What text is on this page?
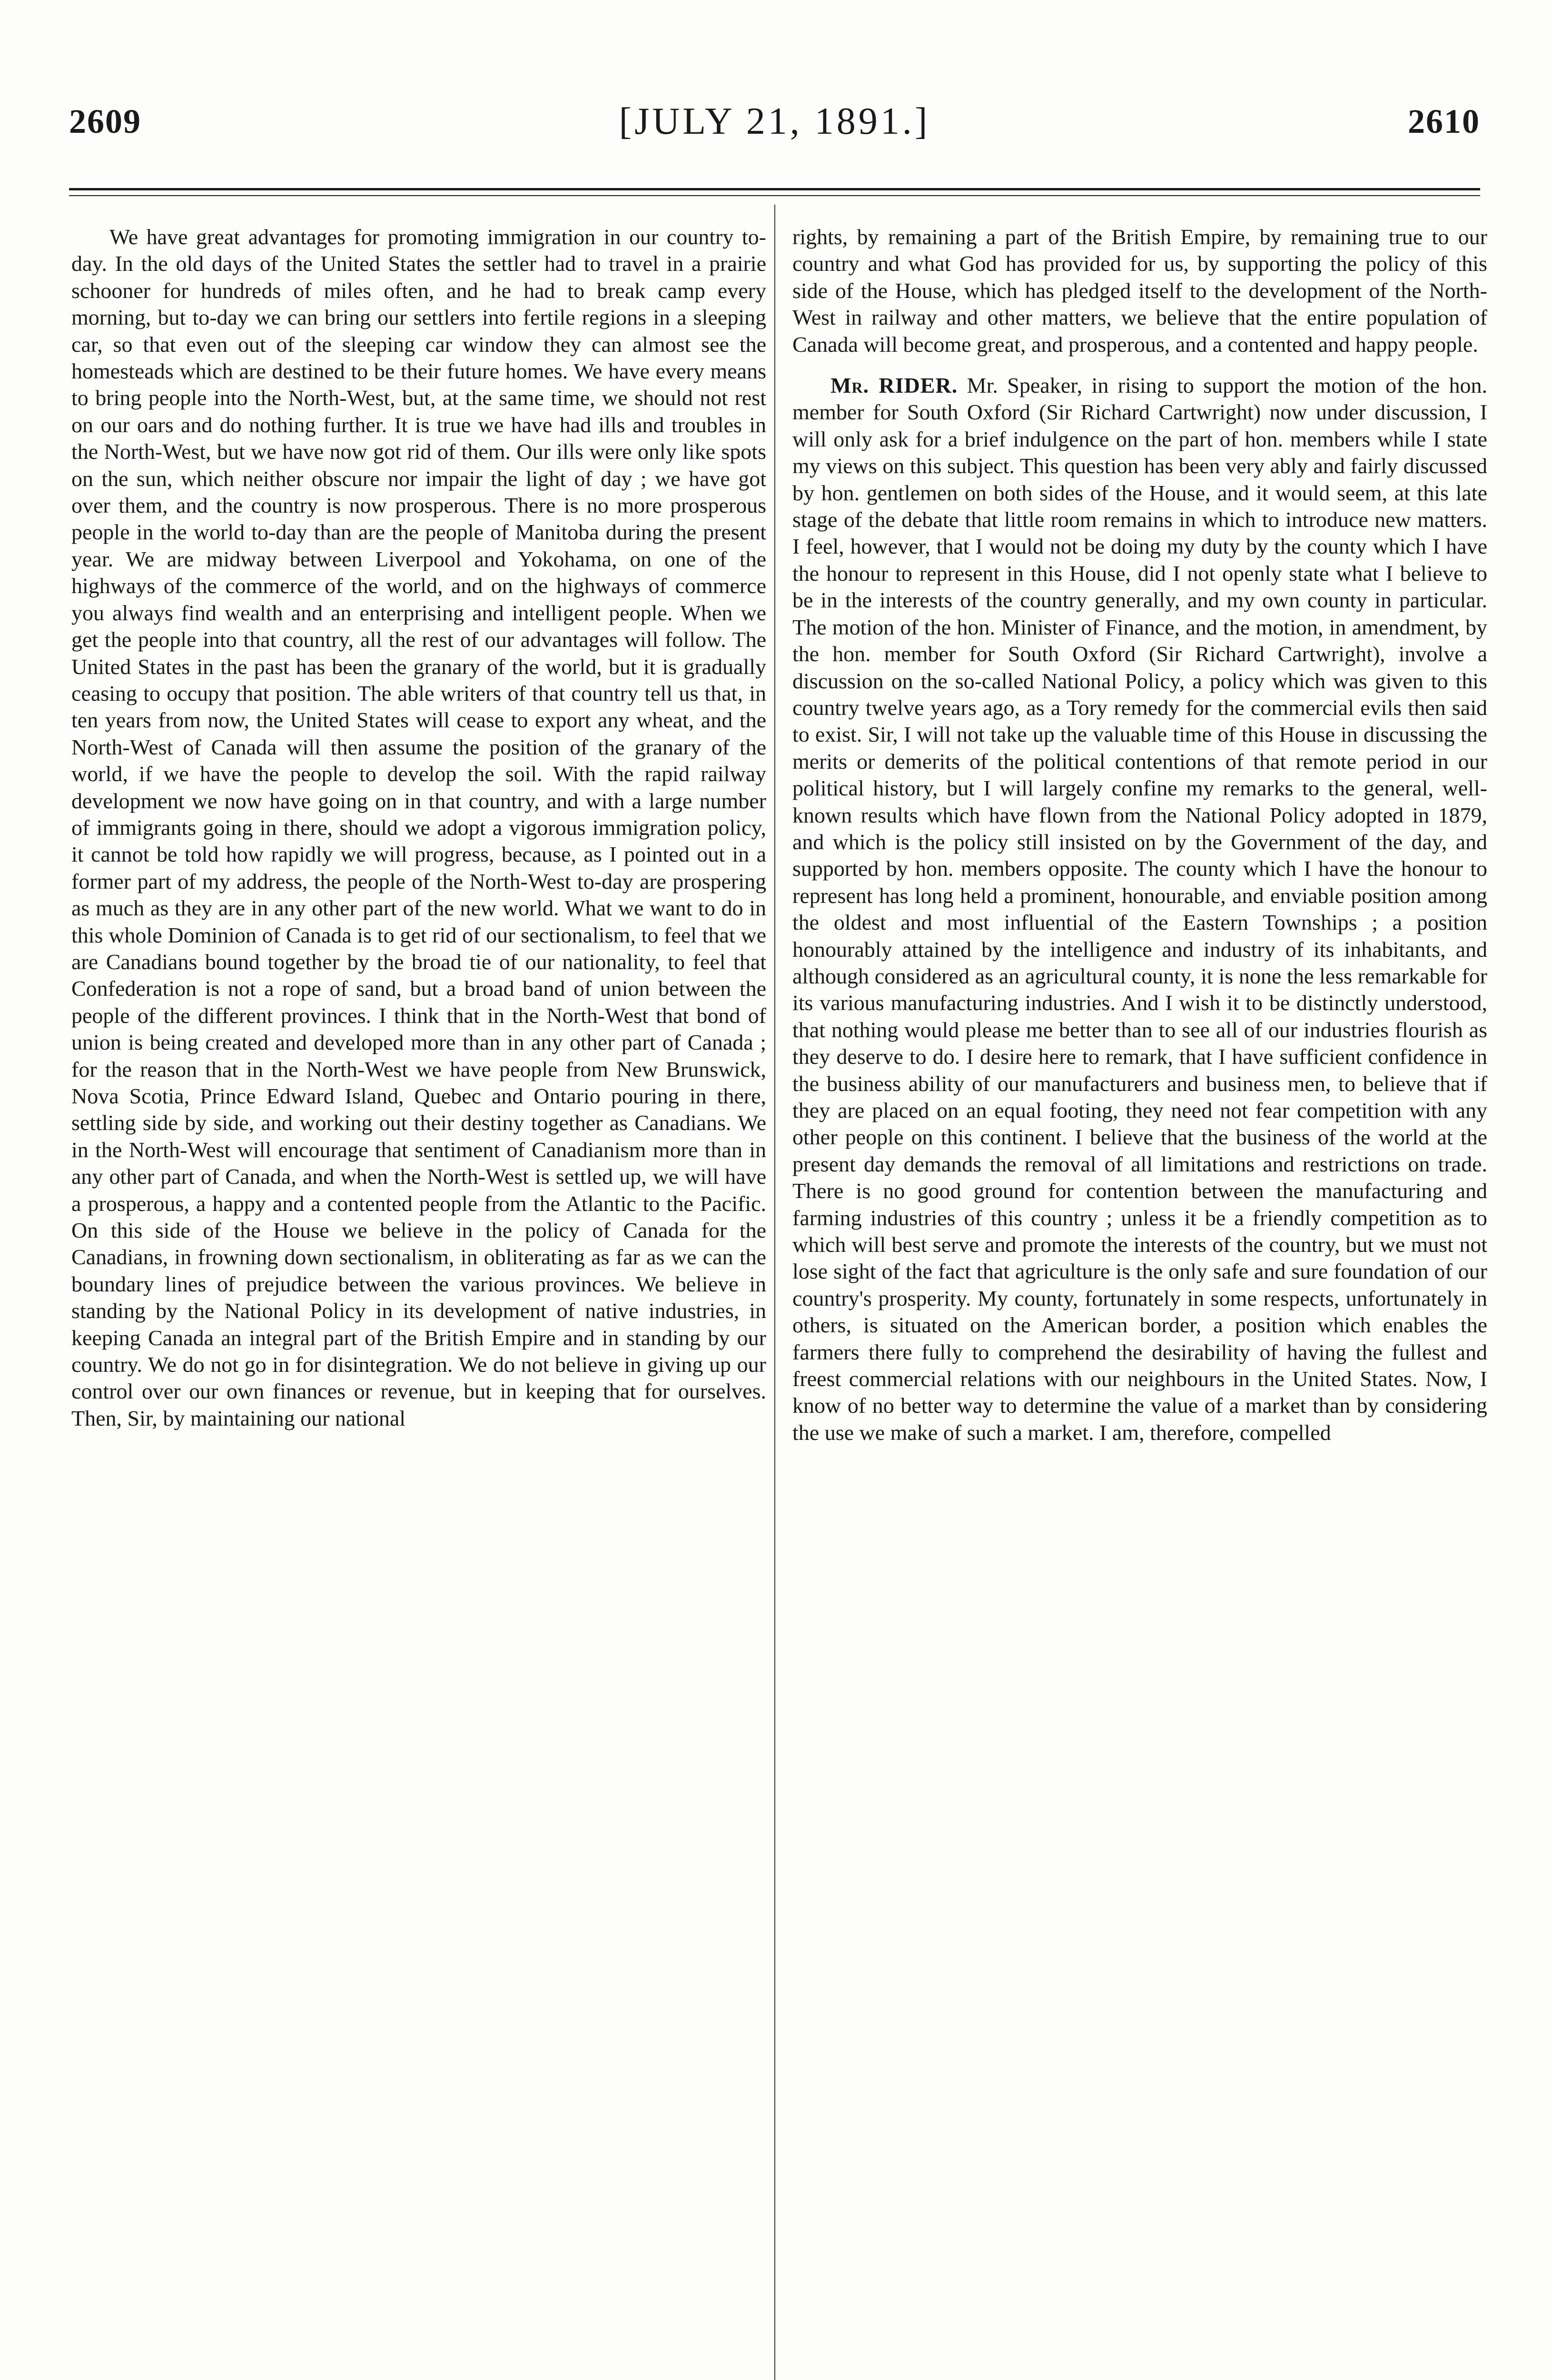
2609	[JULY 21, 1891.]	2610

We have great advantages for promoting immigration in our country to-day. In the old days of the United States the settler had to travel in a prairie schooner for hundreds of miles often, and he had to break camp every morning, but to-day we can bring our settlers into fertile regions in a sleeping car, so that even out of the sleeping car window they can almost see the homesteads which are destined to be their future homes. We have every means to bring people into the North-West, but, at the same time, we should not rest on our oars and do nothing further. It is true we have had ills and troubles in the North-West, but we have now got rid of them. Our ills were only like spots on the sun, which neither obscure nor impair the light of day ; we have got over them, and the country is now prosperous. There is no more prosperous people in the world to-day than are the people of Manitoba during the present year. We are midway between Liverpool and Yokohama, on one of the highways of the commerce of the world, and on the highways of commerce you always find wealth and an enterprising and intelligent people. When we get the people into that country, all the rest of our advantages will follow. The United States in the past has been the granary of the world, but it is gradually ceasing to occupy that position. The able writers of that country tell us that, in ten years from now, the United States will cease to export any wheat, and the North-West of Canada will then assume the position of the granary of the world, if we have the people to develop the soil. With the rapid railway development we now have going on in that country, and with a large number of immigrants going in there, should we adopt a vigorous immigration policy, it cannot be told how rapidly we will progress, because, as I pointed out in a former part of my address, the people of the North-West to-day are prospering as much as they are in any other part of the new world. What we want to do in this whole Dominion of Canada is to get rid of our sectionalism, to feel that we are Canadians bound together by the broad tie of our nationality, to feel that Confederation is not a rope of sand, but a broad band of union between the people of the different provinces. I think that in the North-West that bond of union is being created and developed more than in any other part of Canada ; for the reason that in the North-West we have people from New Brunswick, Nova Scotia, Prince Edward Island, Quebec and Ontario pouring in there, settling side by side, and working out their destiny together as Canadians. We in the North-West will encourage that sentiment of Canadianism more than in any other part of Canada, and when the North-West is settled up, we will have a prosperous, a happy and a contented people from the Atlantic to the Pacific. On this side of the House we believe in the policy of Canada for the Canadians, in frowning down sectionalism, in obliterating as far as we can the boundary lines of prejudice between the various provinces. We believe in standing by the National Policy in its development of native industries, in keeping Canada an integral part of the British Empire and in standing by our country. We do not go in for disintegration. We do not believe in giving up our control over our own finances or revenue, but in keeping that for ourselves. Then, Sir, by maintaining our national

rights, by remaining a part of the British Empire, by remaining true to our country and what God has provided for us, by supporting the policy of this side of the House, which has pledged itself to the development of the North-West in railway and other matters, we believe that the entire population of Canada will become great, and prosperous, and a contented and happy people.

Mr. RIDER. Mr. Speaker, in rising to support the motion of the hon. member for South Oxford (Sir Richard Cartwright) now under discussion, I will only ask for a brief indulgence on the part of hon. members while I state my views on this subject. This question has been very ably and fairly discussed by hon. gentlemen on both sides of the House, and it would seem, at this late stage of the debate that little room remains in which to introduce new matters. I feel, however, that I would not be doing my duty by the county which I have the honour to represent in this House, did I not openly state what I believe to be in the interests of the country generally, and my own county in particular. The motion of the hon. Minister of Finance, and the motion, in amendment, by the hon. member for South Oxford (Sir Richard Cartwright), involve a discussion on the so-called National Policy, a policy which was given to this country twelve years ago, as a Tory remedy for the commercial evils then said to exist. Sir, I will not take up the valuable time of this House in discussing the merits or demerits of the political contentions of that remote period in our political history, but I will largely confine my remarks to the general, well-known results which have flown from the National Policy adopted in 1879, and which is the policy still insisted on by the Government of the day, and supported by hon. members opposite. The county which I have the honour to represent has long held a prominent, honourable, and enviable position among the oldest and most influential of the Eastern Townships ; a position honourably attained by the intelligence and industry of its inhabitants, and although considered as an agricultural county, it is none the less remarkable for its various manufacturing industries. And I wish it to be distinctly understood, that nothing would please me better than to see all of our industries flourish as they deserve to do. I desire here to remark, that I have sufficient confidence in the business ability of our manufacturers and business men, to believe that if they are placed on an equal footing, they need not fear competition with any other people on this continent. I believe that the business of the world at the present day demands the removal of all limitations and restrictions on trade. There is no good ground for contention between the manufacturing and farming industries of this country ; unless it be a friendly competition as to which will best serve and promote the interests of the country, but we must not lose sight of the fact that agriculture is the only safe and sure foundation of our country's prosperity. My county, fortunately in some respects, unfortunately in others, is situated on the American border, a position which enables the farmers there fully to comprehend the desirability of having the fullest and freest commercial relations with our neighbours in the United States. Now, I know of no better way to determine the value of a market than by considering the use we make of such a market. I am, therefore, compelled
